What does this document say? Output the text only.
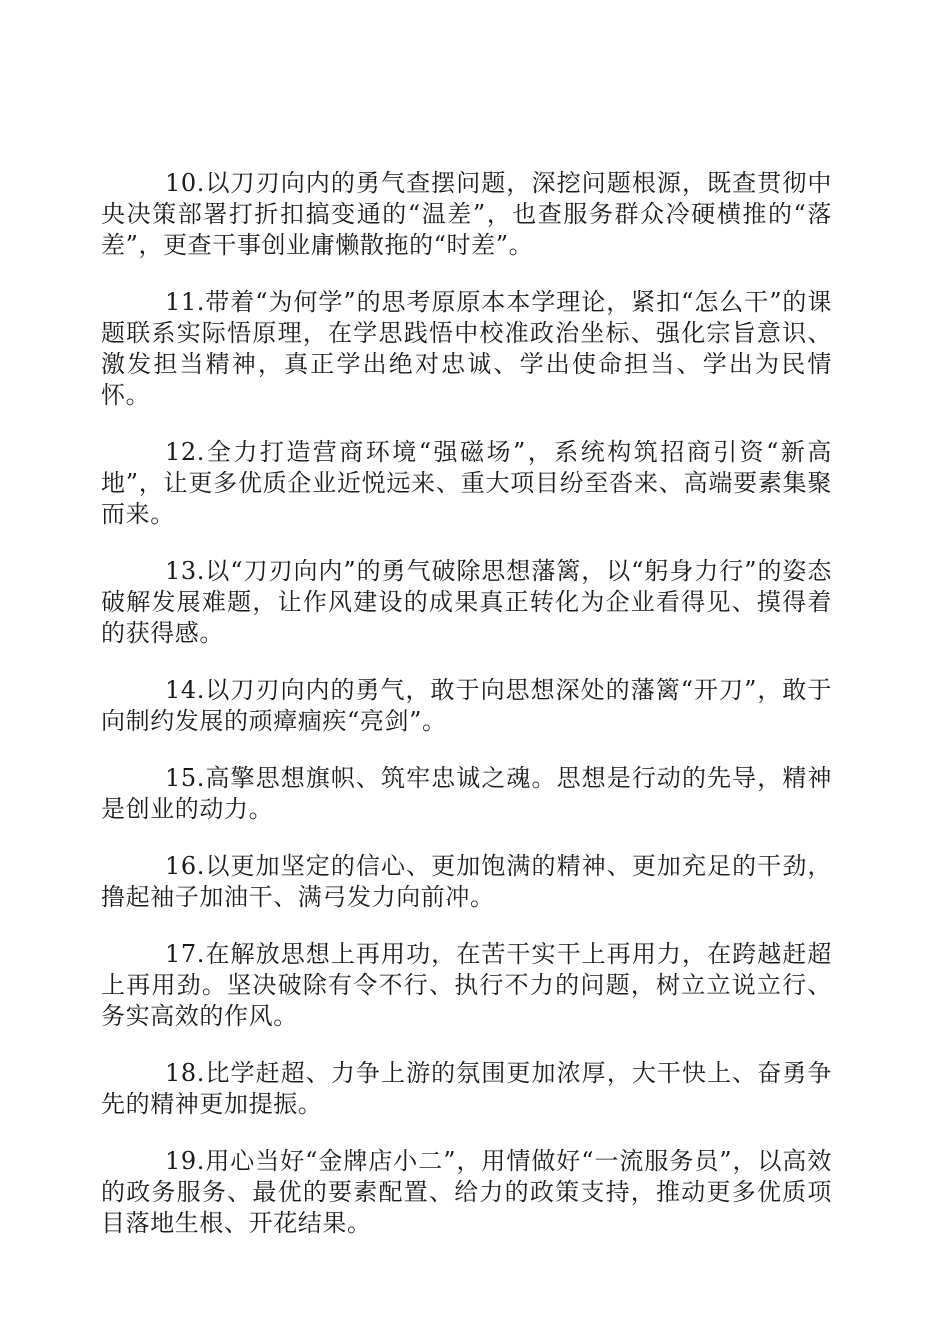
10.以刀刃向内的勇气查摆问题，深挖问题根源，既查贯彻中央决策部署打折扣搞变通的“温差”，也查服务群众冷硬横推的“落差”，更查干事创业庸懒散拖的“时差”。

11.带着“为何学”的思考原原本本学理论，紧扣“怎么干”的课题联系实际悟原理，在学思践悟中校准政治坐标、强化宗旨意识、激发担当精神，真正学出绝对忠诚、学出使命担当、学出为民情怀。

12.全力打造营商环境“强磁场”，系统构筑招商引资“新高地”，让更多优质企业近悦远来、重大项目纷至沓来、高端要素集聚而来。

13.以“刀刃向内”的勇气破除思想藩篱，以“躬身力行”的姿态破解发展难题，让作风建设的成果真正转化为企业看得见、摸得着的获得感。

14.以刀刃向内的勇气，敢于向思想深处的藩篱“开刀”，敢于向制约发展的顽瘴痼疾“亮剑”。

15.高擎思想旗帜、筑牢忠诚之魂。思想是行动的先导，精神是创业的动力。

16.以更加坚定的信心、更加饱满的精神、更加充足的干劲，撸起袖子加油干、满弓发力向前冲。

17.在解放思想上再用功，在苦干实干上再用力，在跨越赶超上再用劲。坚决破除有令不行、执行不力的问题，树立立说立行、务实高效的作风。

18.比学赶超、力争上游的氛围更加浓厚，大干快上、奋勇争先的精神更加提振。

19.用心当好“金牌店小二”，用情做好“一流服务员”，以高效的政务服务、最优的要素配置、给力的政策支持，推动更多优质项目落地生根、开花结果。
